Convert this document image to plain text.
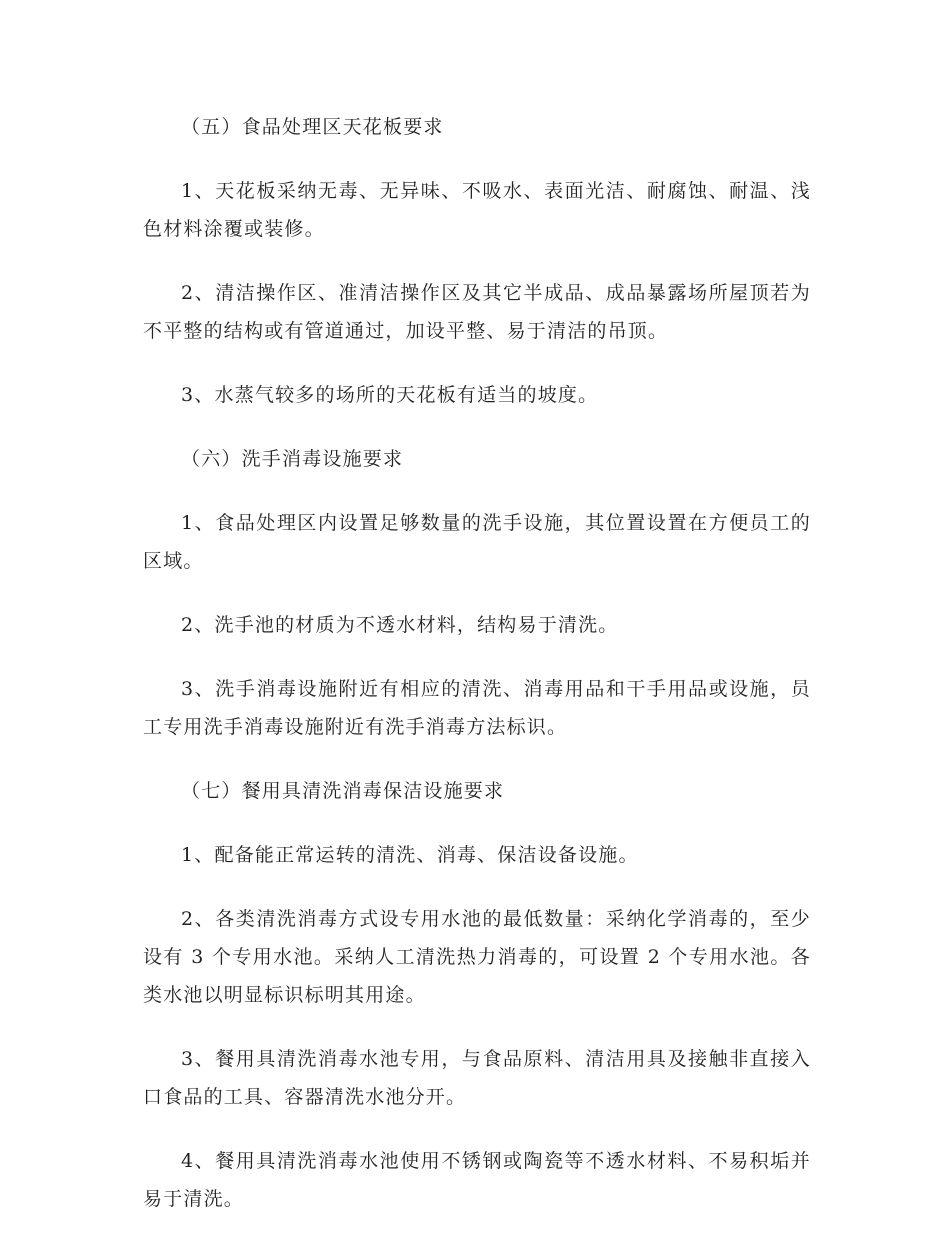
（五）食品处理区天花板要求

1、天花板采纳无毒、无异味、不吸水、表面光洁、耐腐蚀、耐温、浅色材料涂覆或装修。

2、清洁操作区、准清洁操作区及其它半成品、成品暴露场所屋顶若为不平整的结构或有管道通过，加设平整、易于清洁的吊顶。

3、水蒸气较多的场所的天花板有适当的坡度。

（六）洗手消毒设施要求

1、食品处理区内设置足够数量的洗手设施，其位置设置在方便员工的区域。

2、洗手池的材质为不透水材料，结构易于清洗。

3、洗手消毒设施附近有相应的清洗、消毒用品和干手用品或设施，员工专用洗手消毒设施附近有洗手消毒方法标识。

（七）餐用具清洗消毒保洁设施要求

1、配备能正常运转的清洗、消毒、保洁设备设施。

2、各类清洗消毒方式设专用水池的最低数量：采纳化学消毒的，至少设有 3 个专用水池。采纳人工清洗热力消毒的，可设置 2 个专用水池。各类水池以明显标识标明其用途。

3、餐用具清洗消毒水池专用，与食品原料、清洁用具及接触非直接入口食品的工具、容器清洗水池分开。

4、餐用具清洗消毒水池使用不锈钢或陶瓷等不透水材料、不易积垢并易于清洗。
